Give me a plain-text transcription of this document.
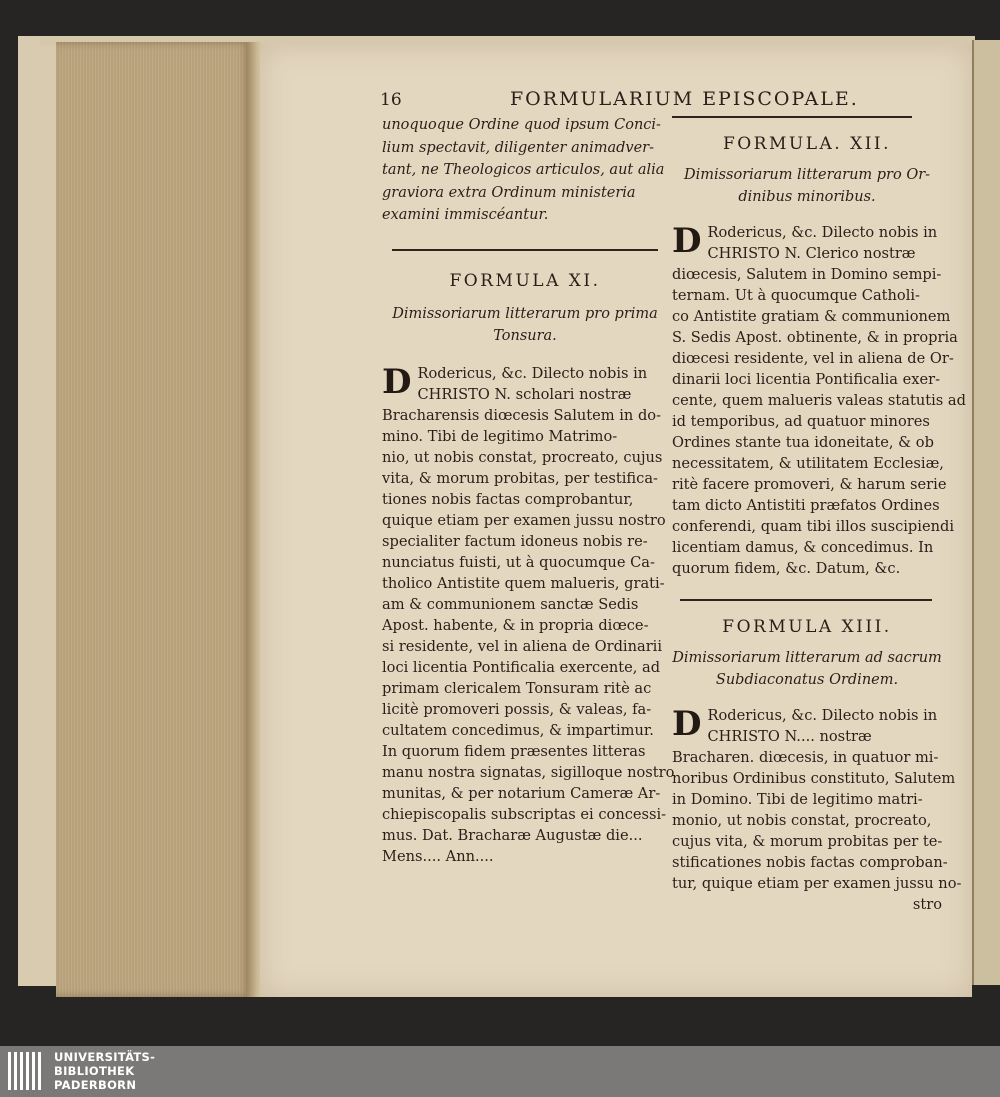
16	FORMULARIUM EPISCOPALE.

unoquoque Ordine quod ipsum Conci-

lium spectavit, diligenter animadver-

tant, ne Theologicos articulos, aut alia

graviora extra Ordinum ministeria

examini immiscéantur.

FORMULA XI.

Dimissoriarum litterarum pro prima

Tonsura.

D Rodericus, &c. Dilecto nobis in
CHRISTO N. scholari nostræ
Bracharensis diœcesis Salutem in do-
mino. Tibi de legitimo Matrimo-
nio, ut nobis constat, procreato, cujus
vita, & morum probitas, per testifica-
tiones nobis factas comprobantur,
quique etiam per examen jussu nostro
specialiter factum idoneus nobis re-
nunciatus fuisti, ut à quocumque Ca-
tholico Antistite quem malueris, grati-
am & communionem sanctæ Sedis
Apost. habente, & in propria diœce-
si residente, vel in aliena de Ordinarii
loci licentia Pontificalia exercente, ad
primam clericalem Tonsuram ritè ac
licitè promoveri possis, & valeas, fa-
cultatem concedimus, & impartimur.
In quorum fidem præsentes litteras
manu nostra signatas, sigilloque nostro
munitas, & per notarium Cameræ Ar-
chiepiscopalis subscriptas ei concessi-
mus. Dat. Bracharæ Augustæ die...
Mens.... Ann....

FORMULA. XII.

Dimissoriarum litterarum pro Or-

dinibus minoribus.

D Rodericus, &c. Dilecto nobis in
CHRISTO N. Clerico nostræ
diœcesis, Salutem in Domino sempi-
ternam. Ut à quocumque Catholi-
co Antistite gratiam & communionem
S. Sedis Apost. obtinente, & in propria
diœcesi residente, vel in aliena de Or-
dinarii loci licentia Pontificalia exer-
cente, quem malueris valeas statutis ad
id temporibus, ad quatuor minores
Ordines stante tua idoneitate, & ob
necessitatem, & utilitatem Ecclesiæ,
ritè facere promoveri, & harum serie
tam dicto Antistiti præfatos Ordines
conferendi, quam tibi illos suscipiendi
licentiam damus, & concedimus. In
quorum fidem, &c. Datum, &c.

FORMULA XIII.

Dimissoriarum litterarum ad sacrum

Subdiaconatus Ordinem.

D Rodericus, &c. Dilecto nobis in
CHRISTO N.... nostræ
Bracharen. diœcesis, in quatuor mi-
noribus Ordinibus constituto, Salutem
in Domino. Tibi de legitimo matri-
monio, ut nobis constat, procreato,
cujus vita, & morum probitas per te-
stificationes nobis factas comproban-
tur, quique etiam per examen jussu no-
stro
UNIVERSITÄTS-
BIBLIOTHEK
PADERBORN
